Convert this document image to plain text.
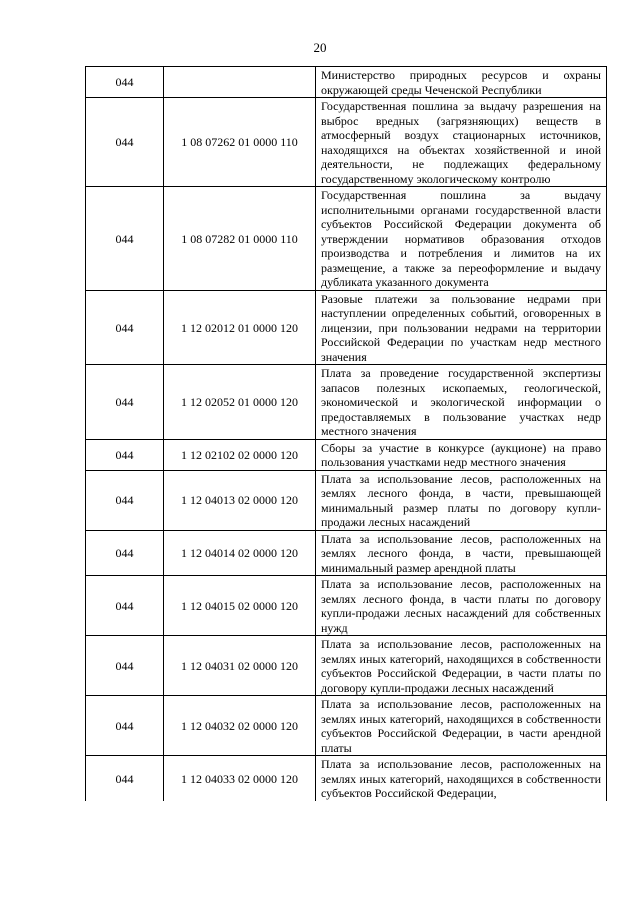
20
044		Министерство природных ресурсов и охраны окружающей среды Чеченской Республики
044	1 08 07262 01 0000 110	Государственная пошлина за выдачу разрешения на выброс вредных (загрязняющих) веществ в атмосферный воздух стационарных источников, находящихся на объектах хозяйственной и иной деятельности, не подлежащих федеральному государственному экологическому контролю
044	1 08 07282 01 0000 110	Государственная пошлина за выдачу исполнительными органами государственной власти субъектов Российской Федерации документа об утверждении нормативов образования отходов производства и потребления и лимитов на их размещение, а также за переоформление и выдачу дубликата указанного документа
044	1 12 02012 01 0000 120	Разовые платежи за пользование недрами при наступлении определенных событий, оговоренных в лицензии, при пользовании недрами на территории Российской Федерации по участкам недр местного значения
044	1 12 02052 01 0000 120	Плата за проведение государственной экспертизы запасов полезных ископаемых, геологической, экономической и экологической информации о предоставляемых в пользование участках недр местного значения
044	1 12 02102 02 0000 120	Сборы за участие в конкурсе (аукционе) на право пользования участками недр местного значения
044	1 12 04013 02 0000 120	Плата за использование лесов, расположенных на землях лесного фонда, в части, превышающей минимальный размер платы по договору купли-продажи лесных насаждений
044	1 12 04014 02 0000 120	Плата за использование лесов, расположенных на землях лесного фонда, в части, превышающей минимальный размер арендной платы
044	1 12 04015 02 0000 120	Плата за использование лесов, расположенных на землях лесного фонда, в части платы по договору купли-продажи лесных насаждений для собственных нужд
044	1 12 04031 02 0000 120	Плата за использование лесов, расположенных на землях иных категорий, находящихся в собственности субъектов Российской Федерации, в части платы по договору купли-продажи лесных насаждений
044	1 12 04032 02 0000 120	Плата за использование лесов, расположенных на землях иных категорий, находящихся в собственности субъектов Российской Федерации, в части арендной платы
044	1 12 04033 02 0000 120	Плата за использование лесов, расположенных на землях иных категорий, находящихся в собственности субъектов Российской Федерации,
